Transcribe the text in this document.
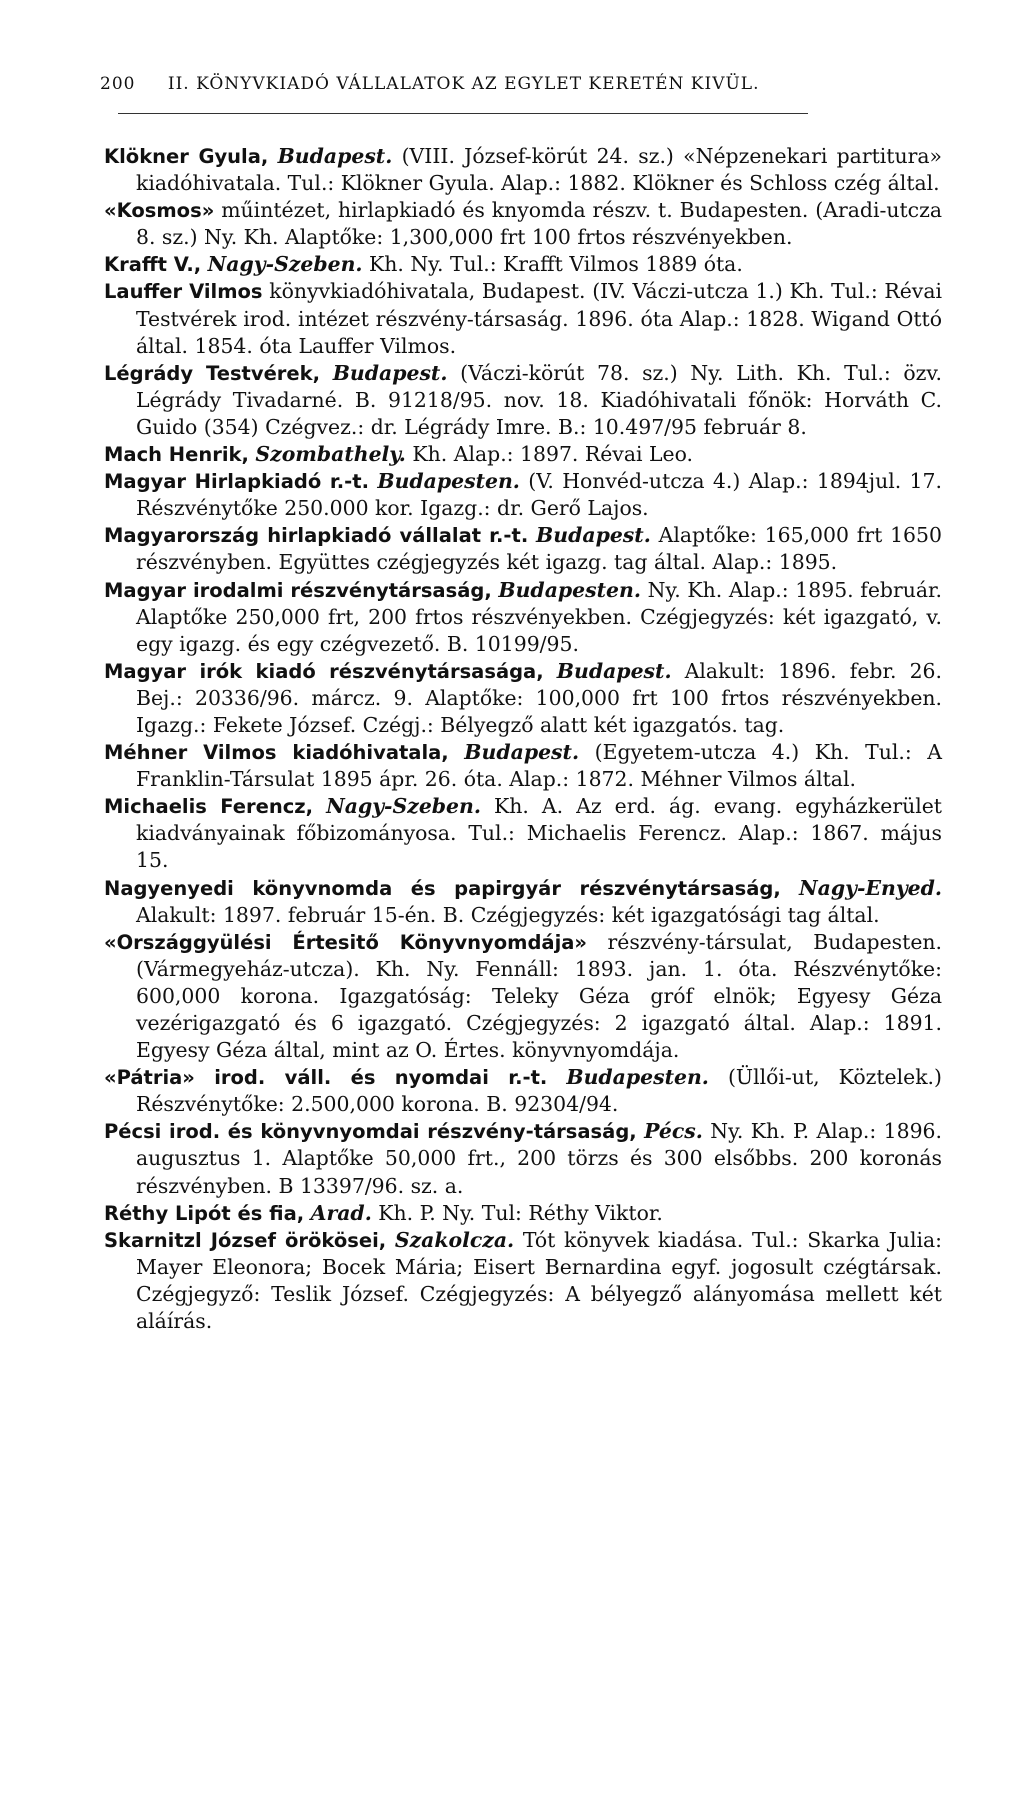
200 II. KÖNYVKIADÓ VÁLLALATOK AZ EGYLET KERETÉN KIVÜL.

Klökner Gyula, Budapest. (VIII. József-körút 24. sz.) «Népzenekari partitura» kiadóhivatala. Tul.: Klökner Gyula. Alap.: 1882. Klökner és Schloss czég által.

«Kosmos» műintézet, hirlapkiadó és knyomda részv. t. Budapesten. (Aradi-utcza 8. sz.) Ny. Kh. Alaptőke: 1,300,000 frt 100 frtos részvényekben.

Krafft V., Nagy-Szeben. Kh. Ny. Tul.: Krafft Vilmos 1889 óta.

Lauffer Vilmos könyvkiadóhivatala, Budapest. (IV. Váczi-utcza 1.) Kh. Tul.: Révai Testvérek irod. intézet részvény-társaság. 1896. óta Alap.: 1828. Wigand Ottó által. 1854. óta Lauffer Vilmos.

Légrády Testvérek, Budapest. (Váczi-körút 78. sz.) Ny. Lith. Kh. Tul.: özv. Légrády Tivadarné. B. 91218/95. nov. 18. Kiadóhivatali főnök: Horváth C. Guido (354) Czégvez.: dr. Légrády Imre. B.: 10.497/95 február 8.

Mach Henrik, Szombathely. Kh. Alap.: 1897. Révai Leo.

Magyar Hirlapkiadó r.-t. Budapesten. (V. Honvéd-utcza 4.) Alap.: 1894jul. 17. Részvénytőke 250.000 kor. Igazg.: dr. Gerő Lajos.

Magyarország hirlapkiadó vállalat r.-t. Budapest. Alaptőke: 165,000 frt 1650 részvényben. Együttes czégjegyzés két igazg. tag által. Alap.: 1895.

Magyar irodalmi részvénytársaság, Budapesten. Ny. Kh. Alap.: 1895. február. Alaptőke 250,000 frt, 200 frtos részvényekben. Czégjegyzés: két igazgató, v. egy igazg. és egy czégvezető. B. 10199/95.

Magyar irók kiadó részvénytársasága, Budapest. Alakult: 1896. febr. 26. Bej.: 20336/96. márcz. 9. Alaptőke: 100,000 frt 100 frtos részvényekben. Igazg.: Fekete József. Czégj.: Bélyegző alatt két igazgatós. tag.

Méhner Vilmos kiadóhivatala, Budapest. (Egyetem-utcza 4.) Kh. Tul.: A Franklin-Társulat 1895 ápr. 26. óta. Alap.: 1872. Méhner Vilmos által.

Michaelis Ferencz, Nagy-Szeben. Kh. A. Az erd. ág. evang. egyházkerület kiadványainak főbizományosa. Tul.: Michaelis Ferencz. Alap.: 1867. május 15.

Nagyenyedi könyvnomda és papirgyár részvénytársaság, Nagy-Enyed. Alakult: 1897. február 15-én. B. Czégjegyzés: két igazgatósági tag által.

«Országgyülési Értesitő Könyvnyomdája» részvény-társulat, Budapesten. (Vármegyeház-utcza). Kh. Ny. Fennáll: 1893. jan. 1. óta. Részvénytőke: 600,000 korona. Igazgatóság: Teleky Géza gróf elnök; Egyesy Géza vezérigazgató és 6 igazgató. Czégjegyzés: 2 igazgató által. Alap.: 1891. Egyesy Géza által, mint az O. Értes. könyvnyomdája.

«Pátria» irod. váll. és nyomdai r.-t. Budapesten. (Üllői-ut, Köztelek.) Részvénytőke: 2.500,000 korona. B. 92304/94.

Pécsi irod. és könyvnyomdai részvény-társaság, Pécs. Ny. Kh. P. Alap.: 1896. augusztus 1. Alaptőke 50,000 frt., 200 törzs és 300 elsőbbs. 200 koronás részvényben. B 13397/96. sz. a.

Réthy Lipót és fia, Arad. Kh. P. Ny. Tul: Réthy Viktor.

Skarnitzl József örökösei, Szakolcza. Tót könyvek kiadása. Tul.: Skarka Julia: Mayer Eleonora; Bocek Mária; Eisert Bernardina egyf. jogosult czégtársak. Czégjegyző: Teslik József. Czégjegyzés: A bélyegző alányomása mellett két aláírás.
